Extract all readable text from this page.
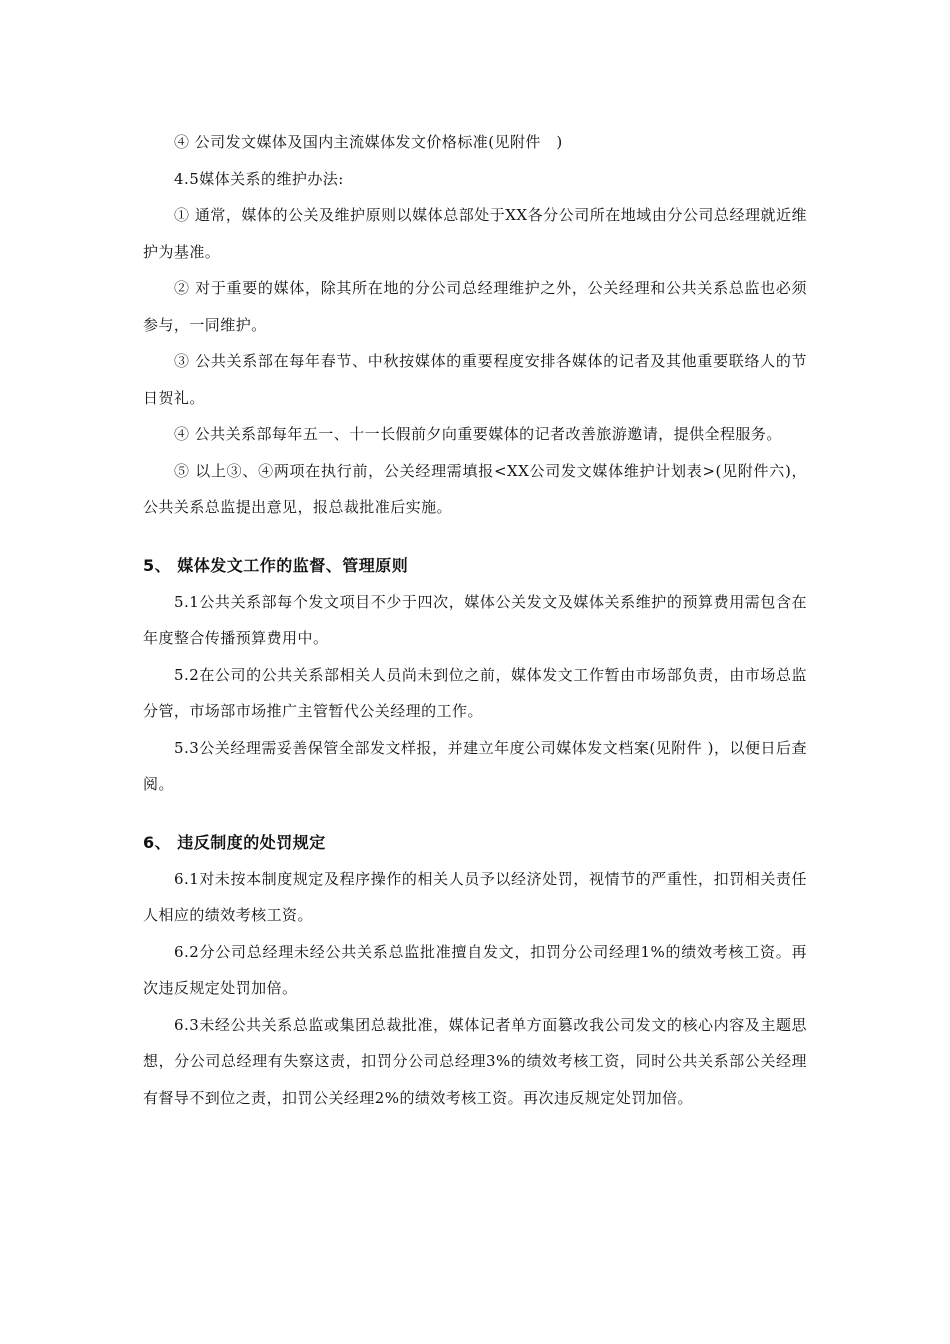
④ 公司发文媒体及国内主流媒体发文价格标准(见附件　)

4.5媒体关系的维护办法:

① 通常，媒体的公关及维护原则以媒体总部处于XX各分公司所在地域由分公司总经理就近维护为基准。

② 对于重要的媒体，除其所在地的分公司总经理维护之外，公关经理和公共关系总监也必须参与，一同维护。

③ 公共关系部在每年春节、中秋按媒体的重要程度安排各媒体的记者及其他重要联络人的节日贺礼。

④ 公共关系部每年五一、十一长假前夕向重要媒体的记者改善旅游邀请，提供全程服务。

⑤ 以上③、④两项在执行前，公关经理需填报<XX公司发文媒体维护计划表>(见附件六)，公共关系总监提出意见，报总裁批准后实施。

5、 媒体发文工作的监督、管理原则

5.1公共关系部每个发文项目不少于四次，媒体公关发文及媒体关系维护的预算费用需包含在年度整合传播预算费用中。

5.2在公司的公共关系部相关人员尚未到位之前，媒体发文工作暂由市场部负责，由市场总监分管，市场部市场推广主管暂代公关经理的工作。

5.3公关经理需妥善保管全部发文样报，并建立年度公司媒体发文档案(见附件 )，以便日后查阅。

6、 违反制度的处罚规定

6.1对未按本制度规定及程序操作的相关人员予以经济处罚，视情节的严重性，扣罚相关责任人相应的绩效考核工资。

6.2分公司总经理未经公共关系总监批准擅自发文，扣罚分公司经理1%的绩效考核工资。再次违反规定处罚加倍。

6.3未经公共关系总监或集团总裁批准，媒体记者单方面篡改我公司发文的核心内容及主题思想，分公司总经理有失察这责，扣罚分公司总经理3%的绩效考核工资，同时公共关系部公关经理有督导不到位之责，扣罚公关经理2%的绩效考核工资。再次违反规定处罚加倍。
